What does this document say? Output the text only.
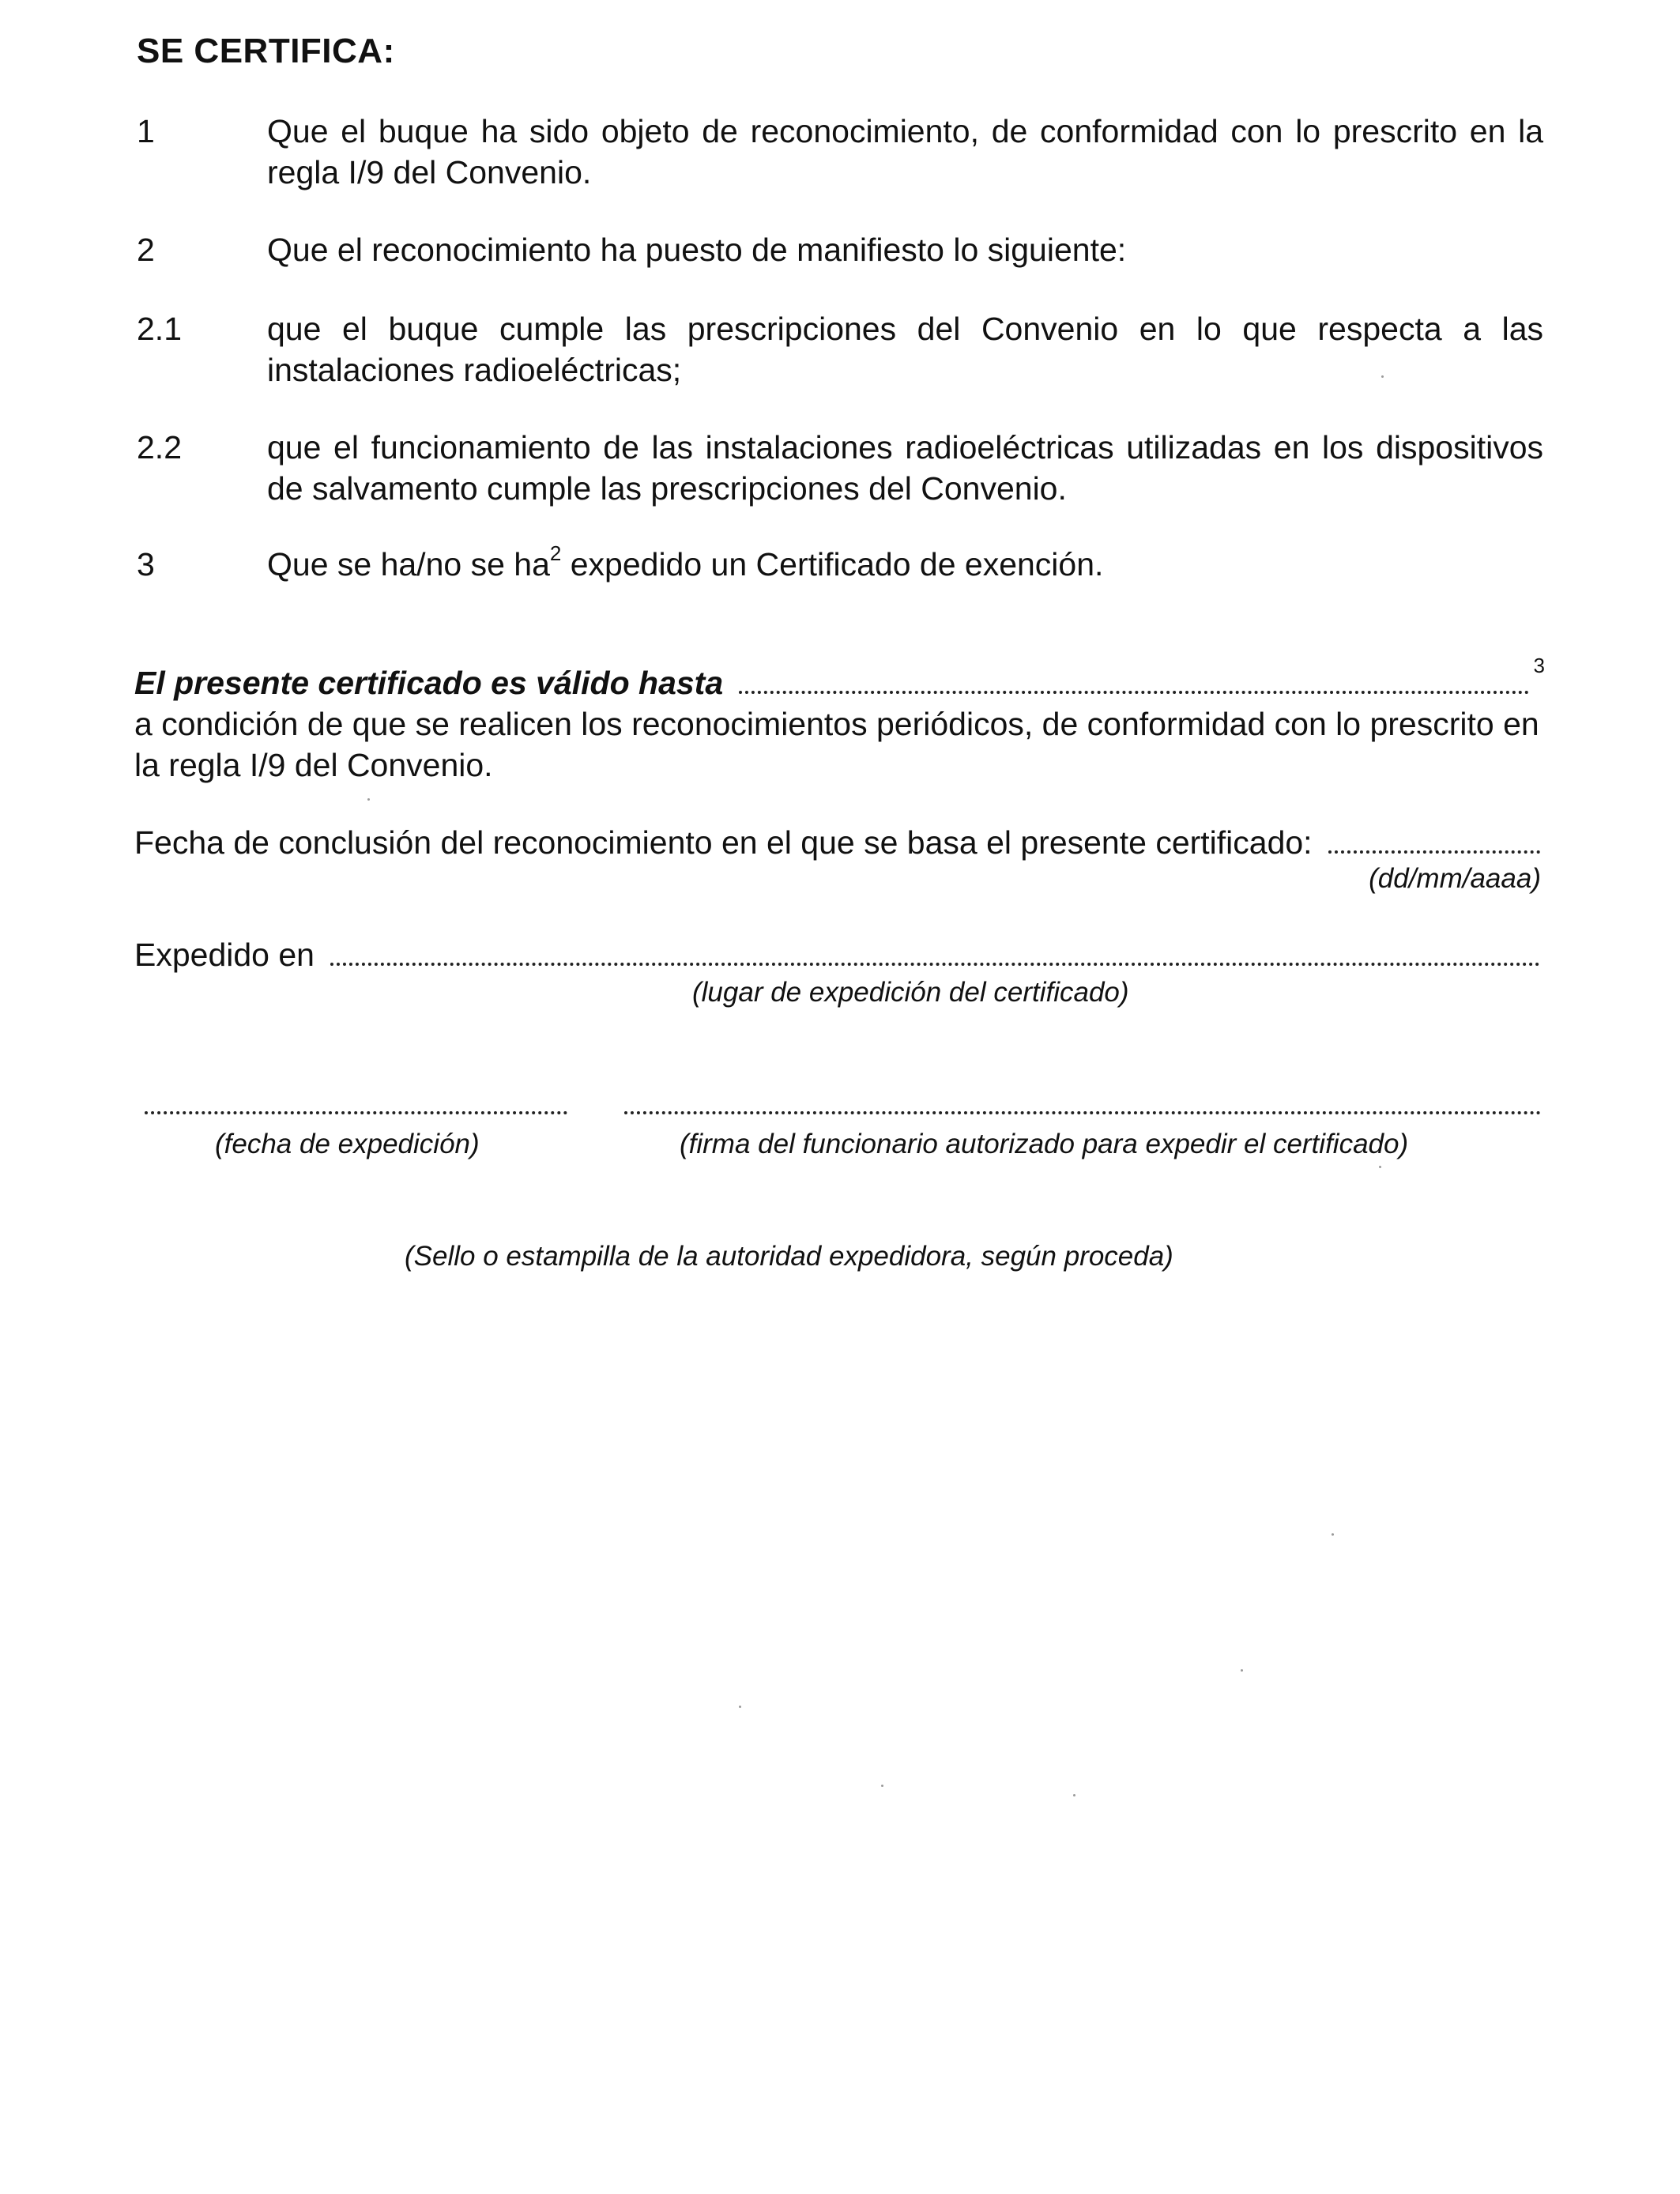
SE CERTIFICA:
1	Que el buque ha sido objeto de reconocimiento, de conformidad con lo prescrito en la regla I/9 del Convenio.
2	Que el reconocimiento ha puesto de manifiesto lo siguiente:
2.1	que el buque cumple las prescripciones del Convenio en lo que respecta a las instalaciones radioeléctricas;
2.2	que el funcionamiento de las instalaciones radioeléctricas utilizadas en los dispositivos de salvamento cumple las prescripciones del Convenio.
3	Que se ha/no se $ha^2$ expedido un Certificado de exención.
El presente certificado es válido hasta	3
a condición de que se realicen los reconocimientos periódicos, de conformidad con lo prescrito en la regla I/9 del Convenio.
Fecha de conclusión del reconocimiento en el que se basa el presente certificado:
(dd/mm/aaaa)
Expedido en
(lugar de expedición del certificado)
(fecha de expedición)	(firma del funcionario autorizado para expedir el certificado)
(Sello o estampilla de la autoridad expedidora, según proceda)
